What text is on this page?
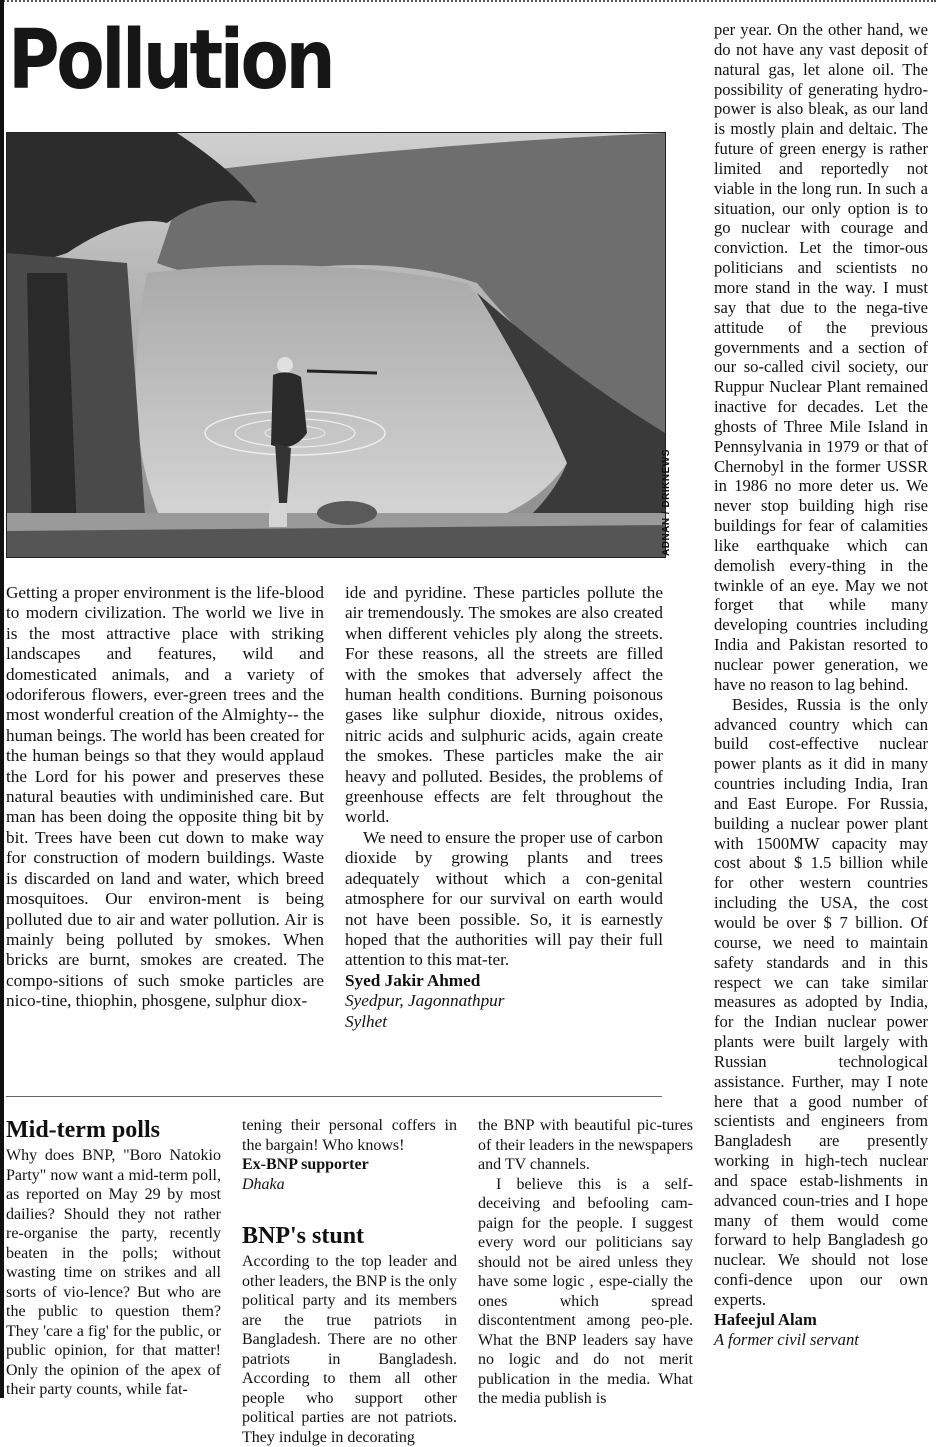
Pollution
ADNAN / DRIKNEWS

Getting a proper environment is the life-blood to modern civilization. The world we live in is the most attractive place with striking landscapes and features, wild and domesticated animals, and a variety of odoriferous flowers, ever-green trees and the most wonderful creation of the Almighty-- the human beings. The world has been created for the human beings so that they would applaud the Lord for his power and preserves these natural beauties with undiminished care. But man has been doing the opposite thing bit by bit. Trees have been cut down to make way for construction of modern buildings. Waste is discarded on land and water, which breed mosquitoes. Our environ-ment is being polluted due to air and water pollution. Air is mainly being polluted by smokes. When bricks are burnt, smokes are created. The compo-sitions of such smoke particles are nico-tine, thiophin, phosgene, sulphur diox-

ide and pyridine. These particles pollute the air tremendously. The smokes are also created when different vehicles ply along the streets. For these reasons, all the streets are filled with the smokes that adversely affect the human health conditions. Burning poisonous gases like sulphur dioxide, nitrous oxides, nitric acids and sulphuric acids, again create the smokes. These particles make the air heavy and polluted. Besides, the problems of greenhouse effects are felt throughout the world.

We need to ensure the proper use of carbon dioxide by growing plants and trees adequately without which a con-genital atmosphere for our survival on earth would not have been possible. So, it is earnestly hoped that the authorities will pay their full attention to this mat-ter.

Syed Jakir Ahmed
Syedpur, Jagonnathpur
Sylhet

per year. On the other hand, we do not have any vast deposit of natural gas, let alone oil. The possibility of generating hydro-power is also bleak, as our land is mostly plain and deltaic. The future of green energy is rather limited and reportedly not viable in the long run. In such a situation, our only option is to go nuclear with courage and conviction. Let the timor-ous politicians and scientists no more stand in the way. I must say that due to the nega-tive attitude of the previous governments and a section of our so-called civil society, our Ruppur Nuclear Plant remained inactive for decades. Let the ghosts of Three Mile Island in Pennsylvania in 1979 or that of Chernobyl in the former USSR in 1986 no more deter us. We never stop building high rise buildings for fear of calamities like earthquake which can demolish every-thing in the twinkle of an eye. May we not forget that while many developing countries including India and Pakistan resorted to nuclear power generation, we have no reason to lag behind.

Besides, Russia is the only advanced country which can build cost-effective nuclear power plants as it did in many countries including India, Iran and East Europe. For Russia, building a nuclear power plant with 1500MW capacity may cost about $ 1.5 billion while for other western countries including the USA, the cost would be over $ 7 billion. Of course, we need to maintain safety standards and in this respect we can take similar measures as adopted by India, for the Indian nuclear power plants were built largely with Russian technological assistance. Further, may I note here that a good number of scientists and engineers from Bangladesh are presently working in high-tech nuclear and space estab-lishments in advanced coun-tries and I hope many of them would come forward to help Bangladesh go nuclear. We should not lose confi-dence upon our own experts.

Hafeejul Alam
A former civil servant
Mid-term polls

Why does BNP, "Boro Natokio Party" now want a mid-term poll, as reported on May 29 by most dailies? Should they not rather re-organise the party, recently beaten in the polls; without wasting time on strikes and all sorts of vio-lence? But who are the public to question them? They 'care a fig' for the public, or public opinion, for that matter! Only the opinion of the apex of their party counts, while fat-

tening their personal coffers in the bargain! Who knows!

Ex-BNP supporter
Dhaka
BNP's stunt

According to the top leader and other leaders, the BNP is the only political party and its members are the true patriots in Bangladesh. There are no other patriots in Bangladesh. According to them all other people who support other political parties are not patriots. They indulge in decorating

the BNP with beautiful pic-tures of their leaders in the newspapers and TV channels.

I believe this is a self-deceiving and befooling cam-paign for the people. I suggest every word our politicians say should not be aired unless they have some logic , espe-cially the ones which spread discontentment among peo-ple. What the BNP leaders say have no logic and do not merit publication in the media. What the media publish is
